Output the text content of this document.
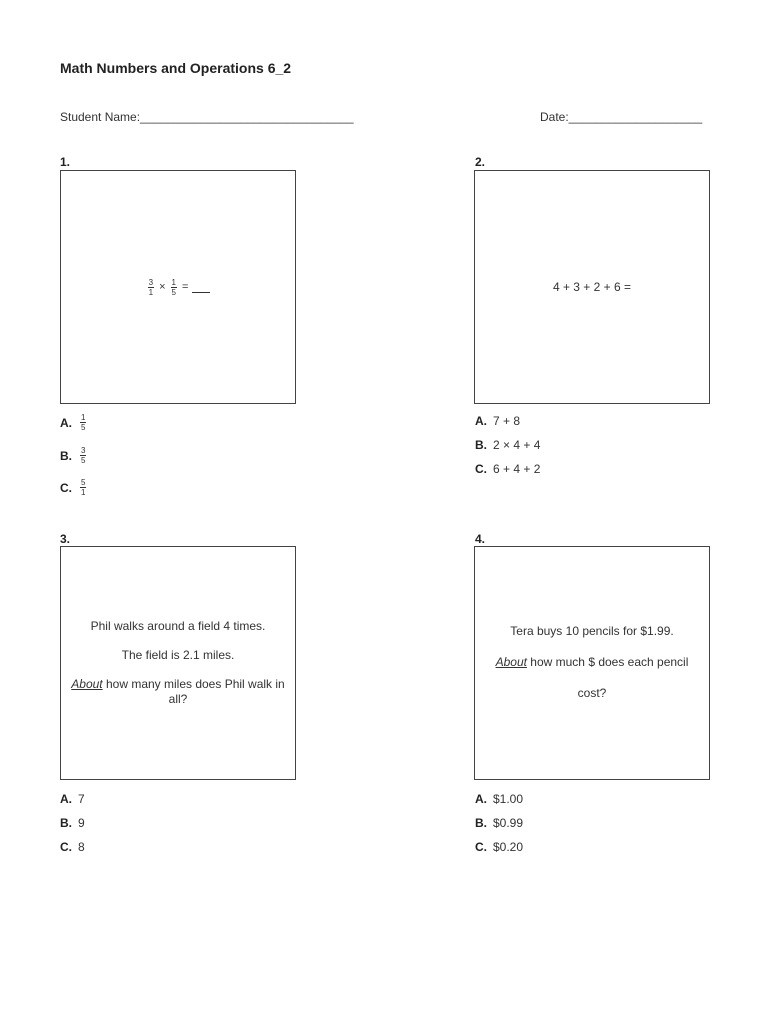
Math Numbers and Operations 6_2
Student Name:________________________________	Date:____________________
1.
$\frac{3}{1} \times \frac{1}{5}$ =
A. $\frac{1}{5}$
B. $\frac{3}{5}$
C. $\frac{5}{1}$
2.
4 + 3 + 2 + 6 =
A. 7 + 8
B. 2 × 4 + 4
C. 6 + 4 + 2
3.
Phil walks around a field 4 times.
The field is 2.1 miles.
About how many miles does Phil walk in all?
A. 7
B. 9
C. 8
4.
Tera buys 10 pencils for $1.99.
About how much $ does each pencil
cost?
A. $1.00
B. $0.99
C. $0.20
